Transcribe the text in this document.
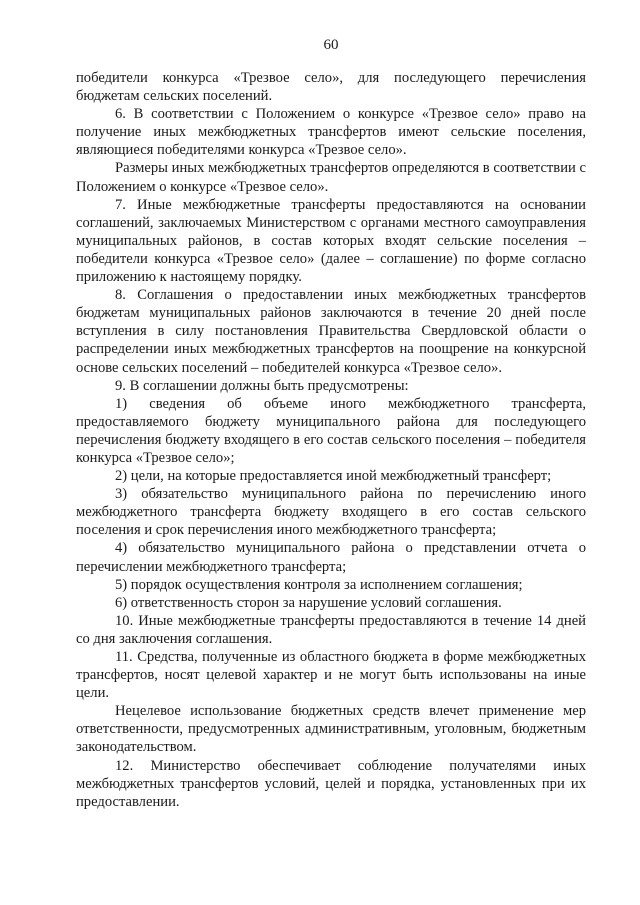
60

победители конкурса «Трезвое село», для последующего перечисления бюджетам сельских поселений.

6. В соответствии с Положением о конкурсе «Трезвое село» право на получение иных межбюджетных трансфертов имеют сельские поселения, являющиеся победителями конкурса «Трезвое село».

Размеры иных межбюджетных трансфертов определяются в соответствии с Положением о конкурсе «Трезвое село».

7. Иные межбюджетные трансферты предоставляются на основании соглашений, заключаемых Министерством с органами местного самоуправления муниципальных районов, в состав которых входят сельские поселения – победители конкурса «Трезвое село» (далее – соглашение) по форме согласно приложению к настоящему порядку.

8. Соглашения о предоставлении иных межбюджетных трансфертов бюджетам муниципальных районов заключаются в течение 20 дней после вступления в силу постановления Правительства Свердловской области о распределении иных межбюджетных трансфертов на поощрение на конкурсной основе сельских поселений – победителей конкурса «Трезвое село».

9. В соглашении должны быть предусмотрены:

1) сведения об объеме иного межбюджетного трансферта, предоставляемого бюджету муниципального района для последующего перечисления бюджету входящего в его состав сельского поселения – победителя конкурса «Трезвое село»;

2) цели, на которые предоставляется иной межбюджетный трансферт;

3) обязательство муниципального района по перечислению иного межбюджетного трансферта бюджету входящего в его состав сельского поселения и срок перечисления иного межбюджетного трансферта;

4) обязательство муниципального района о представлении отчета о перечислении межбюджетного трансферта;

5) порядок осуществления контроля за исполнением соглашения;

6) ответственность сторон за нарушение условий соглашения.

10. Иные межбюджетные трансферты предоставляются в течение 14 дней со дня заключения соглашения.

11. Средства, полученные из областного бюджета в форме межбюджетных трансфертов, носят целевой характер и не могут быть использованы на иные цели.

Нецелевое использование бюджетных средств влечет применение мер ответственности, предусмотренных административным, уголовным, бюджетным законодательством.

12. Министерство обеспечивает соблюдение получателями иных межбюджетных трансфертов условий, целей и порядка, установленных при их предоставлении.
